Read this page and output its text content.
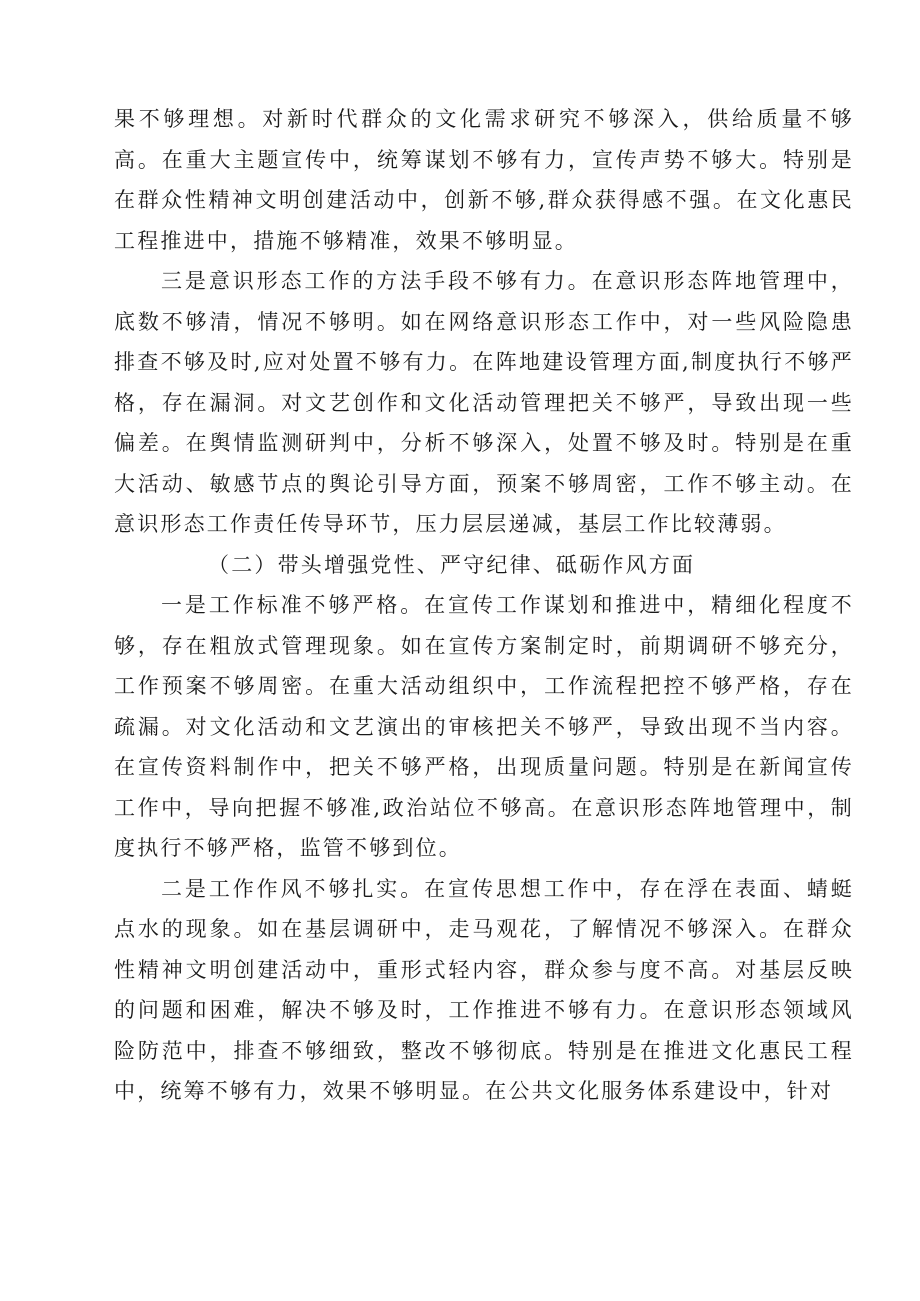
果不够理想。对新时代群众的文化需求研究不够深入，供给质量不够高。在重大主题宣传中，统筹谋划不够有力，宣传声势不够大。特别是在群众性精神文明创建活动中，创新不够,群众获得感不强。在文化惠民工程推进中，措施不够精准，效果不够明显。

三是意识形态工作的方法手段不够有力。在意识形态阵地管理中，底数不够清，情况不够明。如在网络意识形态工作中，对一些风险隐患排查不够及时,应对处置不够有力。在阵地建设管理方面,制度执行不够严格，存在漏洞。对文艺创作和文化活动管理把关不够严，导致出现一些偏差。在舆情监测研判中，分析不够深入，处置不够及时。特别是在重大活动、敏感节点的舆论引导方面，预案不够周密，工作不够主动。在意识形态工作责任传导环节，压力层层递减，基层工作比较薄弱。

（二）带头增强党性、严守纪律、砥砺作风方面

一是工作标准不够严格。在宣传工作谋划和推进中，精细化程度不够，存在粗放式管理现象。如在宣传方案制定时，前期调研不够充分，工作预案不够周密。在重大活动组织中，工作流程把控不够严格，存在疏漏。对文化活动和文艺演出的审核把关不够严，导致出现不当内容。在宣传资料制作中，把关不够严格，出现质量问题。特别是在新闻宣传工作中，导向把握不够准,政治站位不够高。在意识形态阵地管理中，制度执行不够严格，监管不够到位。

二是工作作风不够扎实。在宣传思想工作中，存在浮在表面、蜻蜓点水的现象。如在基层调研中，走马观花，了解情况不够深入。在群众性精神文明创建活动中，重形式轻内容，群众参与度不高。对基层反映的问题和困难，解决不够及时，工作推进不够有力。在意识形态领域风险防范中，排查不够细致，整改不够彻底。特别是在推进文化惠民工程中，统筹不够有力，效果不够明显。在公共文化服务体系建设中，针对
